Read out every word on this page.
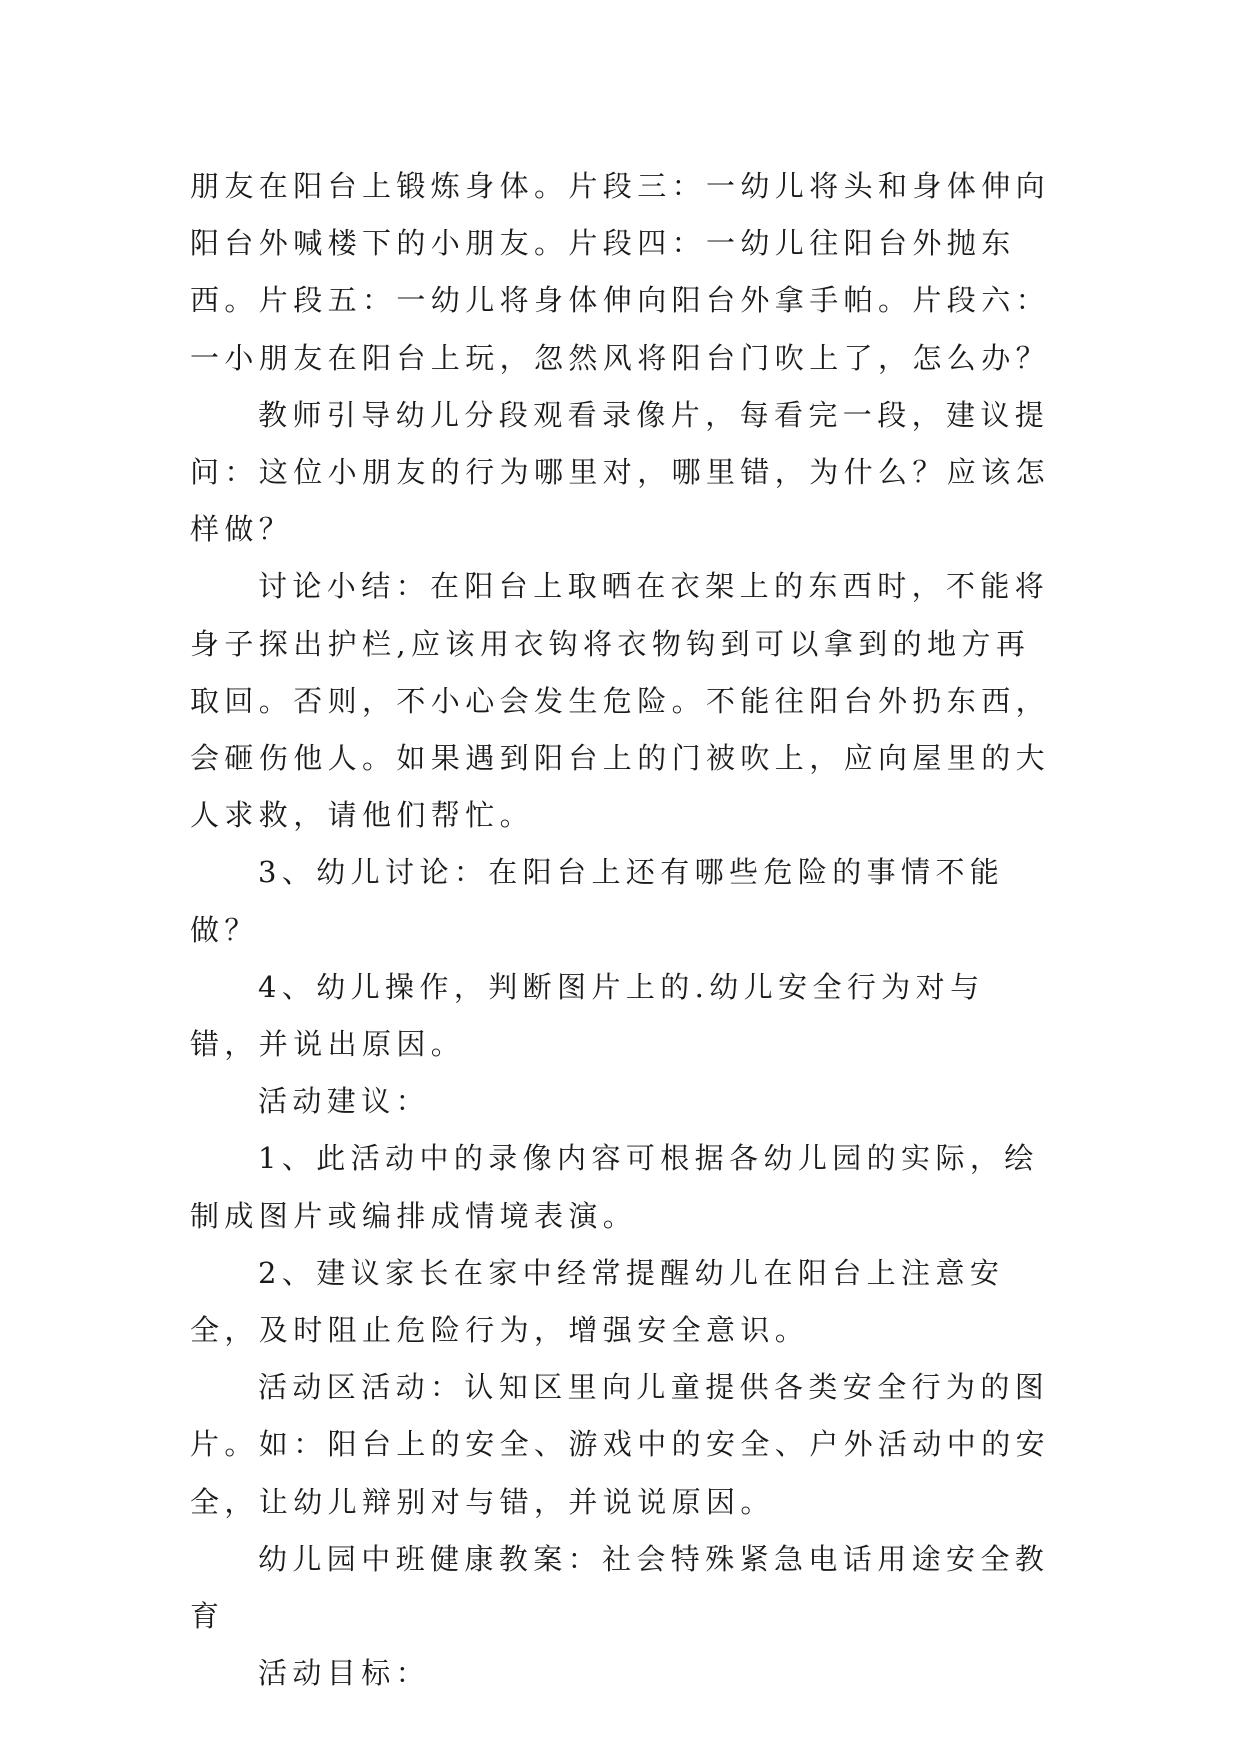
朋友在阳台上锻炼身体。片段三：一幼儿将头和身体伸向阳台外喊楼下的小朋友。片段四：一幼儿往阳台外抛东西。片段五：一幼儿将身体伸向阳台外拿手帕。片段六：一小朋友在阳台上玩，忽然风将阳台门吹上了，怎么办？

教师引导幼儿分段观看录像片，每看完一段，建议提问：这位小朋友的行为哪里对，哪里错，为什么？应该怎样做？

讨论小结：在阳台上取晒在衣架上的东西时，不能将身子探出护栏,应该用衣钩将衣物钩到可以拿到的地方再取回。否则，不小心会发生危险。不能往阳台外扔东西，会砸伤他人。如果遇到阳台上的门被吹上，应向屋里的大人求救，请他们帮忙。

3、幼儿讨论：在阳台上还有哪些危险的事情不能做？

4、幼儿操作，判断图片上的.幼儿安全行为对与错，并说出原因。

活动建议：

1、此活动中的录像内容可根据各幼儿园的实际，绘制成图片或编排成情境表演。

2、建议家长在家中经常提醒幼儿在阳台上注意安全，及时阻止危险行为，增强安全意识。

活动区活动：认知区里向儿童提供各类安全行为的图片。如：阳台上的安全、游戏中的安全、户外活动中的安全，让幼儿辩别对与错，并说说原因。

幼儿园中班健康教案：社会特殊紧急电话用途安全教育

活动目标：
